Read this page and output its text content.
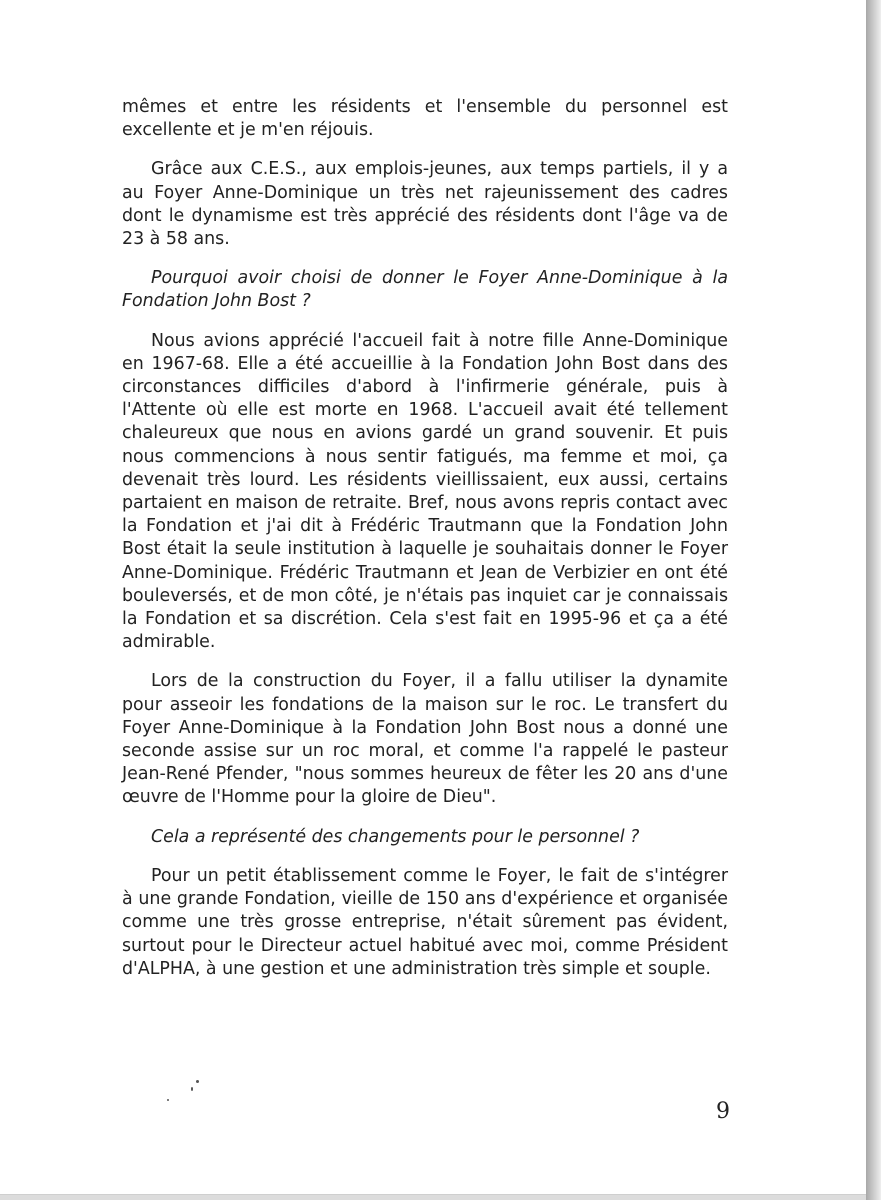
mêmes et entre les résidents et l'ensemble du personnel est excellente et je m'en réjouis.

Grâce aux C.E.S., aux emplois-jeunes, aux temps partiels, il y a au Foyer Anne-Dominique un très net rajeunissement des cadres dont le dynamisme est très apprécié des résidents dont l'âge va de 23 à 58 ans.

Pourquoi avoir choisi de donner le Foyer Anne-Dominique à la Fondation John Bost ?

Nous avions apprécié l'accueil fait à notre fille Anne-Dominique en 1967-68. Elle a été accueillie à la Fondation John Bost dans des circonstances difficiles d'abord à l'infirmerie générale, puis à l'Attente où elle est morte en 1968. L'accueil avait été tellement chaleureux que nous en avions gardé un grand souvenir. Et puis nous commencions à nous sentir fatigués, ma femme et moi, ça devenait très lourd. Les résidents vieillissaient, eux aussi, certains partaient en maison de retraite. Bref, nous avons repris contact avec la Fondation et j'ai dit à Frédéric Trautmann que la Fondation John Bost était la seule institution à laquelle je souhaitais donner le Foyer Anne-Dominique. Frédéric Trautmann et Jean de Verbizier en ont été bouleversés, et de mon côté, je n'étais pas inquiet car je connaissais la Fondation et sa discrétion. Cela s'est fait en 1995-96 et ça a été admirable.

Lors de la construction du Foyer, il a fallu utiliser la dynamite pour asseoir les fondations de la maison sur le roc. Le transfert du Foyer Anne-Dominique à la Fondation John Bost nous a donné une seconde assise sur un roc moral, et comme l'a rappelé le pasteur Jean-René Pfender, "nous sommes heureux de fêter les 20 ans d'une œuvre de l'Homme pour la gloire de Dieu".

Cela a représenté des changements pour le personnel ?

Pour un petit établissement comme le Foyer, le fait de s'intégrer à une grande Fondation, vieille de 150 ans d'expérience et organisée comme une très grosse entreprise, n'était sûrement pas évident, surtout pour le Directeur actuel habitué avec moi, comme Président d'ALPHA, à une gestion et une administration très simple et souple.

9
